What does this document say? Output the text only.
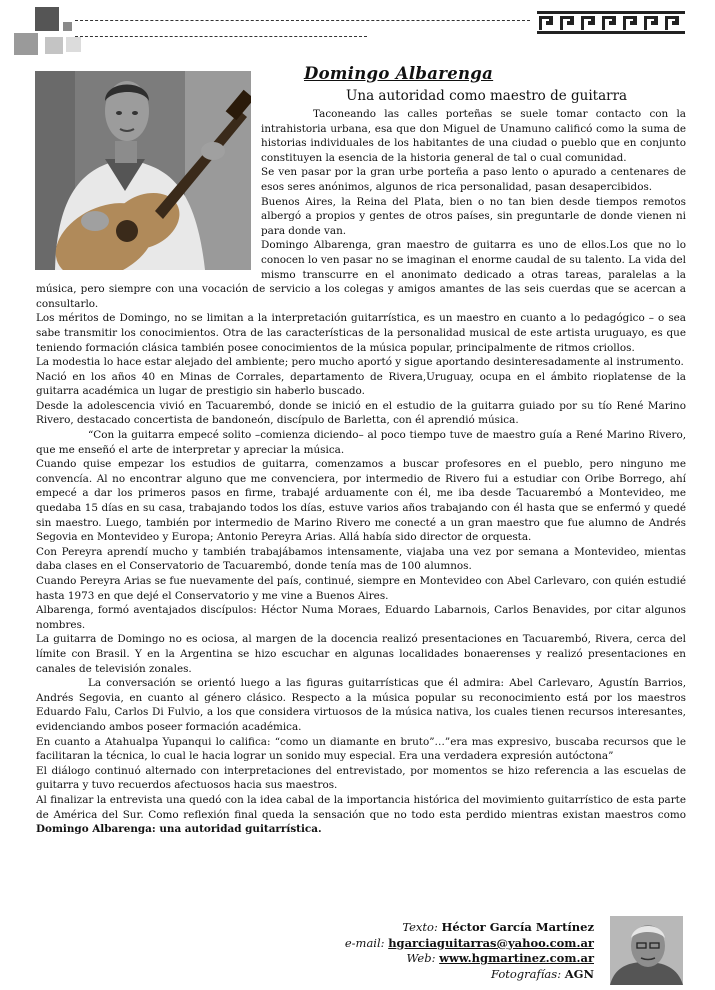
Domingo Albarenga
Una autoridad como maestro de guitarra

Taconeando las calles porteñas se suele tomar contacto con la intrahistoria urbana, esa que don Miguel de Unamuno calificó como la suma de historias individuales de los habitantes de una ciudad o pueblo que en conjunto constituyen la esencia de la historia general de tal o cual comunidad.

Se ven pasar por la gran urbe porteña a paso lento o apurado a centenares de esos seres anónimos, algunos de rica personalidad, pasan desapercibidos.

Buenos Aires, la Reina del Plata, bien o no tan bien desde tiempos remotos albergó a propios y gentes de otros países, sin preguntarle de donde vienen ni para donde van.

Domingo Albarenga, gran maestro de guitarra es uno de ellos.Los que no lo conocen lo ven pasar no se imaginan el enorme caudal de su talento. La vida del mismo transcurre en el anonimato dedicado a otras tareas, paralelas a la música, pero siempre con una vocación de servicio a los colegas y amigos amantes de las seis cuerdas que se acercan a consultarlo.

Los méritos de Domingo, no se limitan a la interpretación guitarrística, es un maestro en cuanto a lo pedagógico – o sea sabe transmitir los conocimientos. Otra de las características de la personalidad musical de este artista uruguayo, es que teniendo formación clásica también posee conocimientos de la música popular, principalmente de ritmos criollos.

La modestia lo hace estar alejado del ambiente; pero mucho aportó y sigue aportando desinteresadamente al instrumento.

Nació en los años 40 en Minas de Corrales, departamento de Rivera,Uruguay, ocupa en el ámbito rioplatense de la guitarra académica un lugar de prestigio sin haberlo buscado.

Desde la adolescencia vivió en Tacuarembó, donde se inició en el estudio de la guitarra guiado por su tío René Marino Rivero, destacado concertista de bandoneón, discípulo de Barletta, con él aprendió música.

“Con la guitarra empecé solito –comienza diciendo– al poco tiempo tuve de maestro guía a René Marino Rivero, que me enseñó el arte de interpretar y apreciar la música.

Cuando quise empezar los estudios de guitarra, comenzamos a buscar profesores en el pueblo, pero ninguno me convencía. Al no encontrar alguno que me convenciera, por intermedio de Rivero fui a estudiar con Oribe Borrego, ahí empecé a dar los primeros pasos en firme, trabajé arduamente con él, me iba desde Tacuarembó a Montevideo, me quedaba 15 días en su casa, trabajando todos los días, estuve varios años trabajando con él hasta que se enfermó y quedé sin maestro. Luego, también por intermedio de Marino Rivero me conecté a un gran maestro que fue alumno de Andrés Segovia en Montevideo y Europa; Antonio Pereyra Arias. Allá había sido director de orquesta.

Con Pereyra aprendí mucho y también trabajábamos intensamente, viajaba una vez por semana a Montevideo, mientas daba clases en el Conservatorio de Tacuarembó, donde tenía mas de 100 alumnos.

Cuando Pereyra Arias se fue nuevamente del país, continué, siempre en Montevideo con Abel Carlevaro, con quién estudié hasta 1973 en que dejé el Conservatorio y me vine a Buenos Aires.

Albarenga, formó aventajados discípulos: Héctor Numa Moraes, Eduardo Labarnois, Carlos Benavides, por citar algunos nombres.

La guitarra de Domingo no es ociosa, al margen de la docencia realizó presentaciones en Tacuarembó, Rivera, cerca del límite con Brasil. Y en la Argentina se hizo escuchar en algunas localidades bonaerenses y realizó presentaciones en canales de televisión zonales.

La conversación se orientó luego a las figuras guitarrísticas que él admira: Abel Carlevaro, Agustín Barrios, Andrés Segovia, en cuanto al género clásico. Respecto a la música popular su reconocimiento está por los maestros Eduardo Falu, Carlos Di Fulvio, a los que considera virtuosos de la música nativa, los cuales tienen recursos interesantes, evidenciando ambos poseer formación académica.

En cuanto a Atahualpa Yupanqui lo califica: “como un diamante en bruto”…”era mas expresivo, buscaba recursos que le facilitaran la técnica, lo cual le hacia lograr un sonido muy especial. Era una verdadera expresión autóctona”

El diálogo continuó alternado con interpretaciones del entrevistado, por momentos se hizo referencia a las escuelas de guitarra y tuvo recuerdos afectuosos hacia sus maestros.

Al finalizar la entrevista una quedó con la idea cabal de la importancia histórica del movimiento guitarrístico de esta parte de América del Sur. Como reflexión final queda la sensación que no todo esta perdido mientras existan maestros como Domingo Albarenga: una autoridad guitarrística.

Texto: Héctor García Martínez
e-mail: hgarciaguitarras@yahoo.com.ar
Web: www.hgmartinez.com.ar
Fotografías: AGN
